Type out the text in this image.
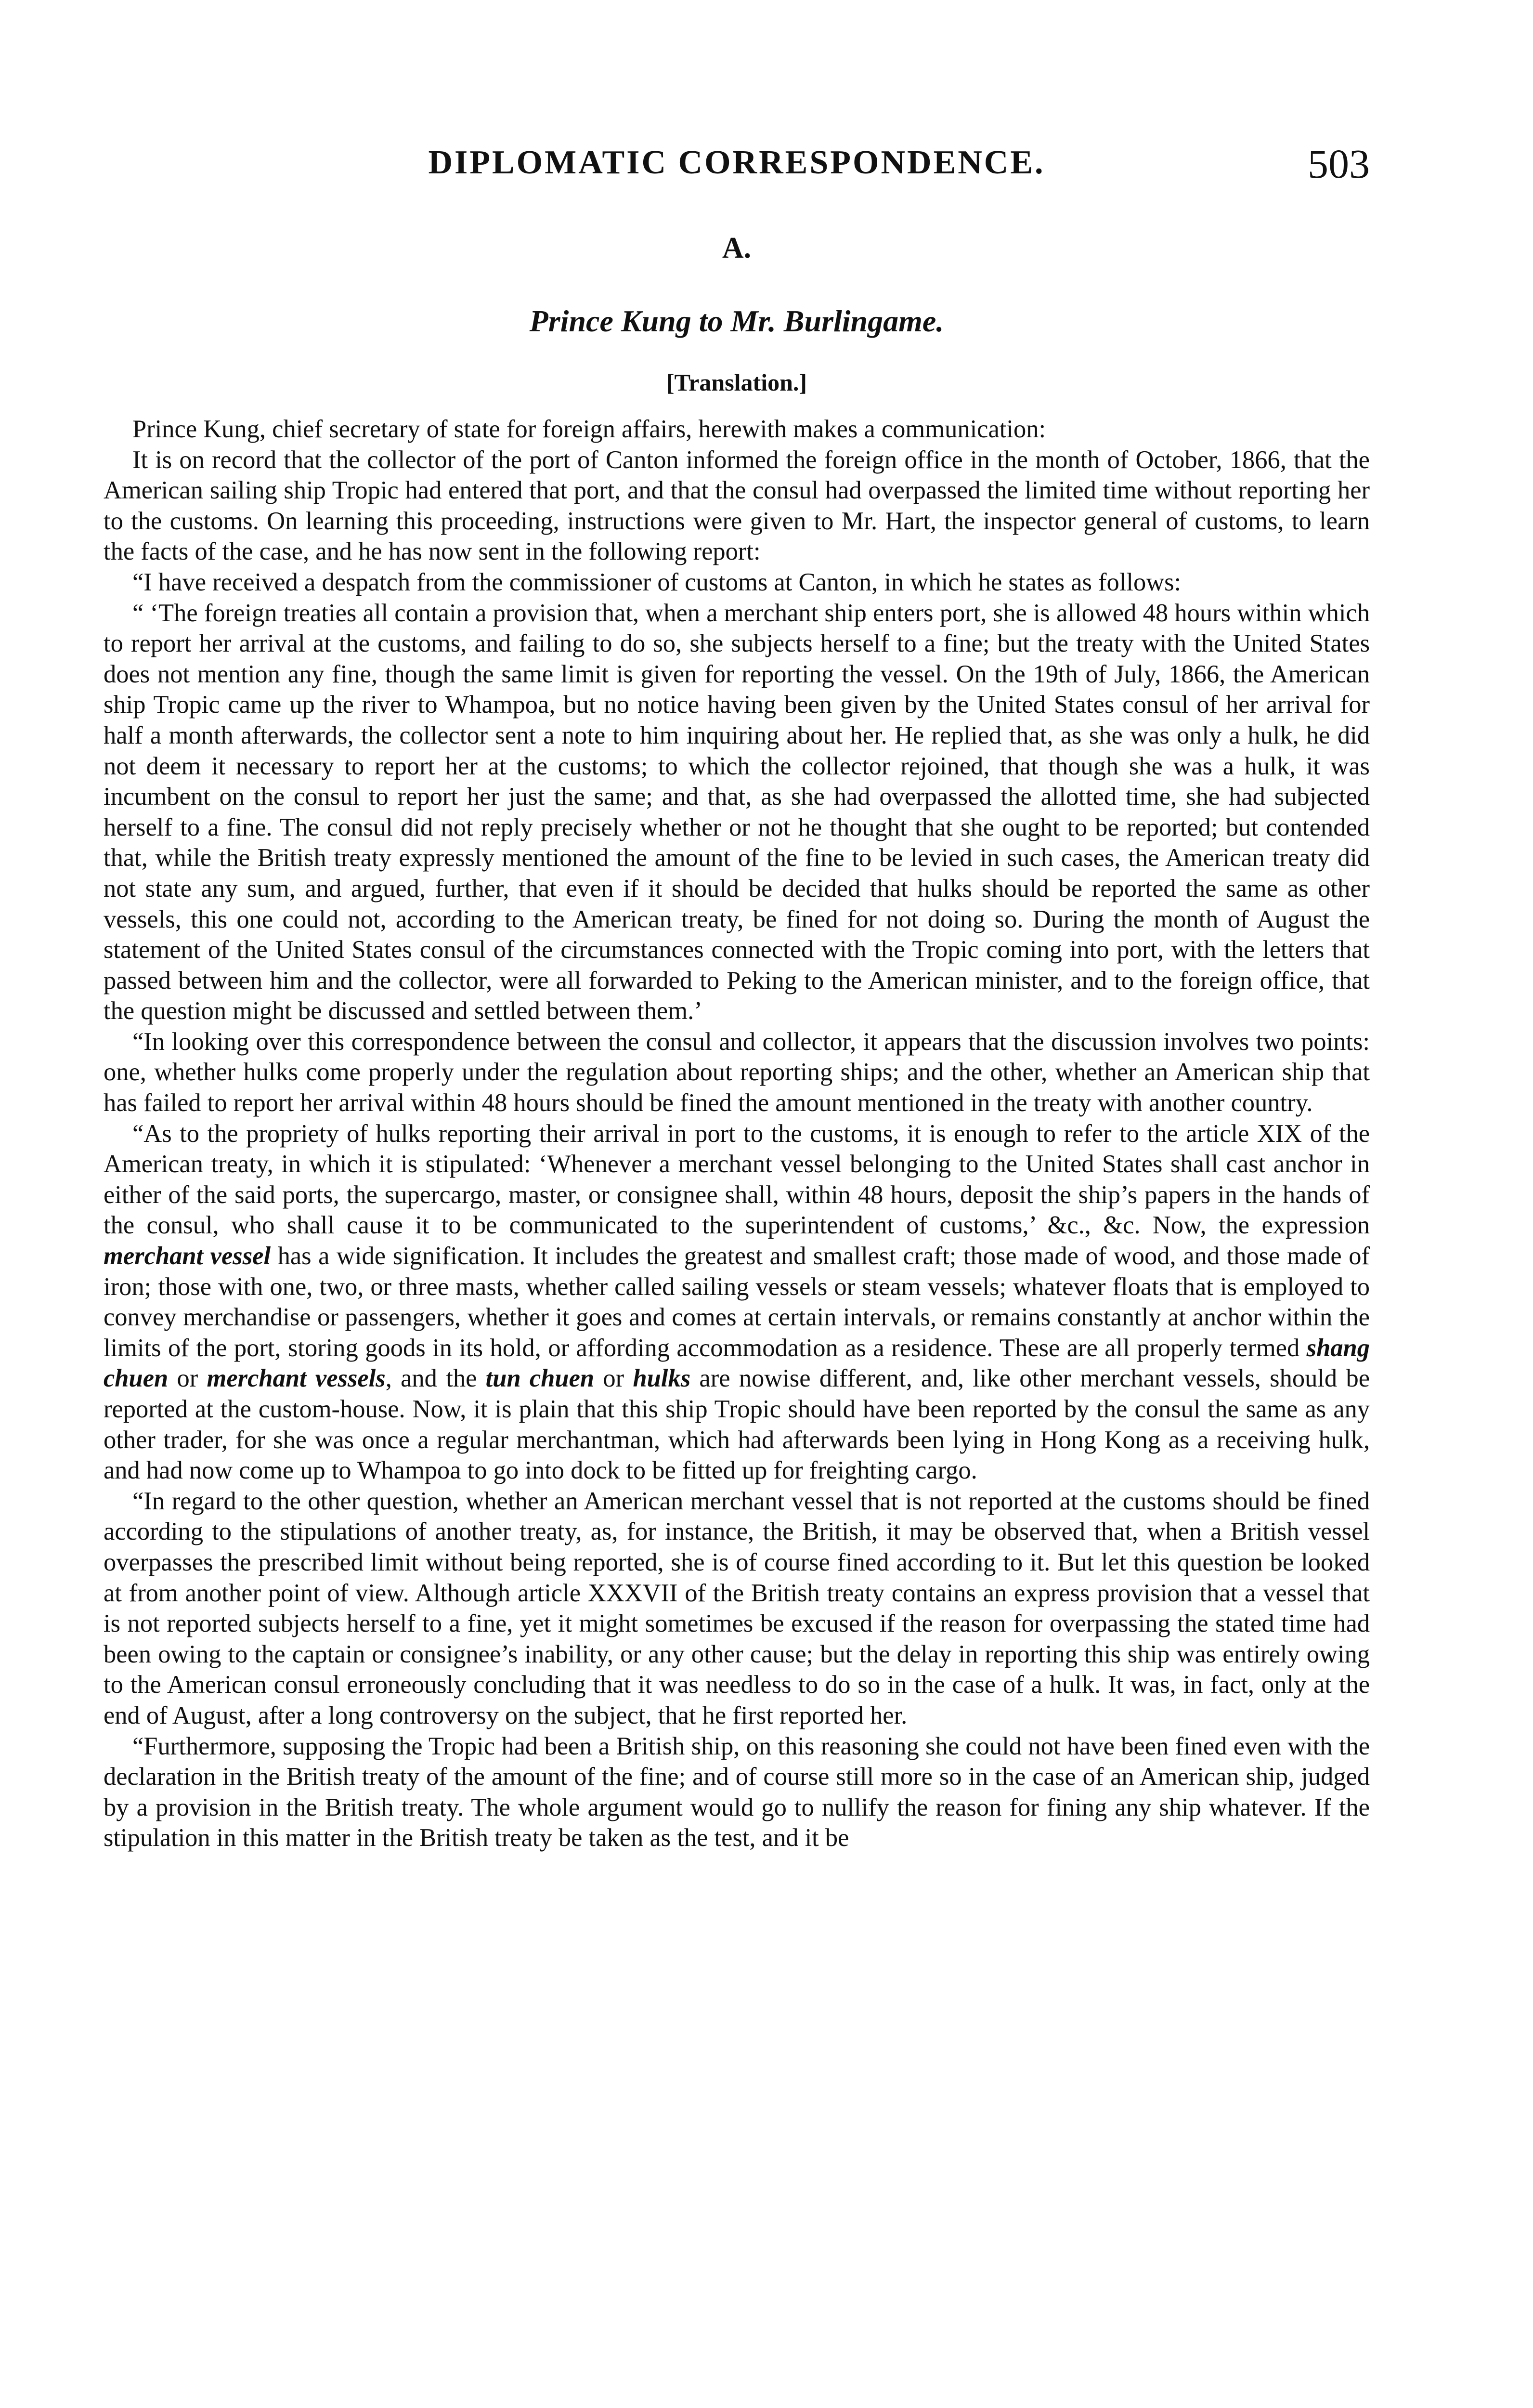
DIPLOMATIC CORRESPONDENCE.	503
A.
Prince Kung to Mr. Burlingame.
[Translation.]

Prince Kung, chief secretary of state for foreign affairs, herewith makes a communication:

It is on record that the collector of the port of Canton informed the foreign office in the month of October, 1866, that the American sailing ship Tropic had entered that port, and that the consul had overpassed the limited time without reporting her to the customs. On learning this proceeding, instructions were given to Mr. Hart, the inspector general of customs, to learn the facts of the case, and he has now sent in the following report:

“I have received a despatch from the commissioner of customs at Canton, in which he states as follows:

“ ‘The foreign treaties all contain a provision that, when a merchant ship enters port, she is allowed 48 hours within which to report her arrival at the customs, and failing to do so, she subjects herself to a fine; but the treaty with the United States does not mention any fine, though the same limit is given for reporting the vessel. On the 19th of July, 1866, the American ship Tropic came up the river to Whampoa, but no notice having been given by the United States consul of her arrival for half a month afterwards, the collector sent a note to him inquiring about her. He replied that, as she was only a hulk, he did not deem it necessary to report her at the customs; to which the collector rejoined, that though she was a hulk, it was incumbent on the consul to report her just the same; and that, as she had overpassed the allotted time, she had subjected herself to a fine. The consul did not reply precisely whether or not he thought that she ought to be reported; but contended that, while the British treaty expressly mentioned the amount of the fine to be levied in such cases, the American treaty did not state any sum, and argued, further, that even if it should be decided that hulks should be reported the same as other vessels, this one could not, according to the American treaty, be fined for not doing so. During the month of August the statement of the United States consul of the circumstances connected with the Tropic coming into port, with the letters that passed between him and the collector, were all forwarded to Peking to the American minister, and to the foreign office, that the question might be discussed and settled between them.’

“In looking over this correspondence between the consul and collector, it appears that the discussion involves two points: one, whether hulks come properly under the regulation about reporting ships; and the other, whether an American ship that has failed to report her arrival within 48 hours should be fined the amount mentioned in the treaty with another country.

“As to the propriety of hulks reporting their arrival in port to the customs, it is enough to refer to the article XIX of the American treaty, in which it is stipulated: ‘Whenever a merchant vessel belonging to the United States shall cast anchor in either of the said ports, the supercargo, master, or consignee shall, within 48 hours, deposit the ship’s papers in the hands of the consul, who shall cause it to be communicated to the superintendent of customs,’ &c., &c. Now, the expression merchant vessel has a wide signification. It includes the greatest and smallest craft; those made of wood, and those made of iron; those with one, two, or three masts, whether called sailing vessels or steam vessels; whatever floats that is employed to convey merchandise or passengers, whether it goes and comes at certain intervals, or remains constantly at anchor within the limits of the port, storing goods in its hold, or affording accommodation as a residence. These are all properly termed shang chuen or merchant vessels, and the tun chuen or hulks are nowise different, and, like other merchant vessels, should be reported at the custom-house. Now, it is plain that this ship Tropic should have been reported by the consul the same as any other trader, for she was once a regular merchantman, which had afterwards been lying in Hong Kong as a receiving hulk, and had now come up to Whampoa to go into dock to be fitted up for freighting cargo.

“In regard to the other question, whether an American merchant vessel that is not reported at the customs should be fined according to the stipulations of another treaty, as, for instance, the British, it may be observed that, when a British vessel overpasses the prescribed limit without being reported, she is of course fined according to it. But let this question be looked at from another point of view. Although article XXXVII of the British treaty contains an express provision that a vessel that is not reported subjects herself to a fine, yet it might sometimes be excused if the reason for overpassing the stated time had been owing to the captain or consignee’s inability, or any other cause; but the delay in reporting this ship was entirely owing to the American consul erroneously concluding that it was needless to do so in the case of a hulk. It was, in fact, only at the end of August, after a long controversy on the subject, that he first reported her.

“Furthermore, supposing the Tropic had been a British ship, on this reasoning she could not have been fined even with the declaration in the British treaty of the amount of the fine; and of course still more so in the case of an American ship, judged by a provision in the British treaty. The whole argument would go to nullify the reason for fining any ship whatever. If the stipulation in this matter in the British treaty be taken as the test, and it be
